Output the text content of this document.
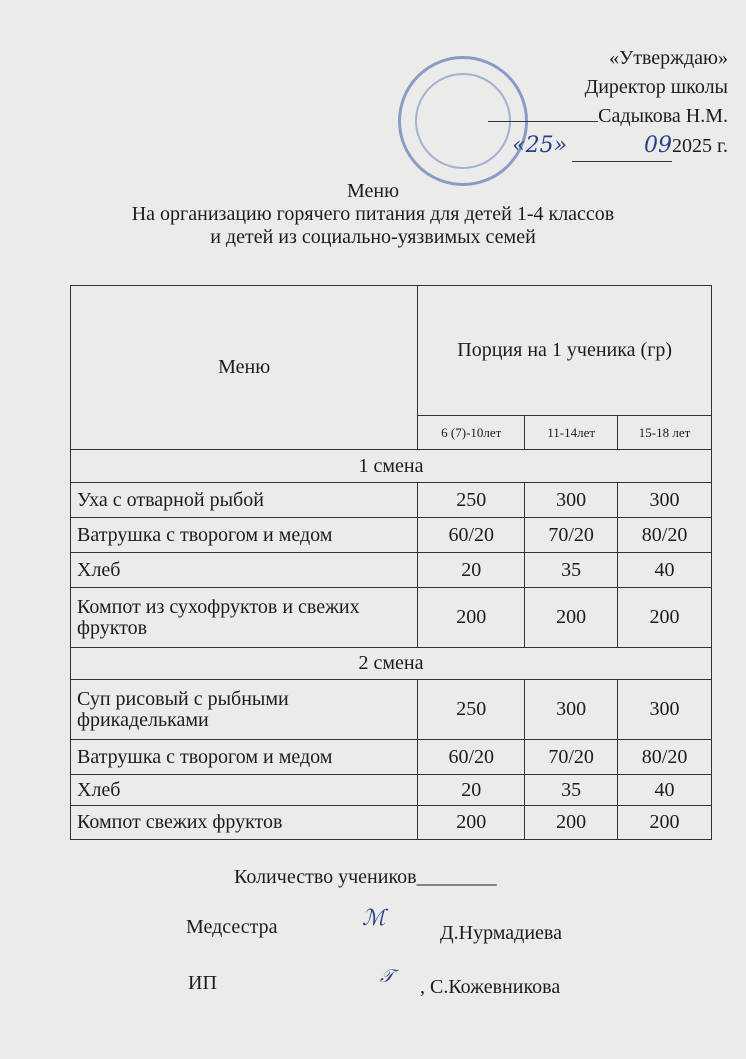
«Утверждаю»
Директор школы
Садыкова Н.М.
«25»	092025 г.
Меню
На организацию горячего питания для детей 1-4 классов
и детей из социально-уязвимых семей
Меню	Порция на 1 ученика (гр)		
	6 (7)-10лет	11-14лет	15-18 лет
1 смена			
Уха с отварной рыбой	250	300	300
Ватрушка с творогом и медом	60/20	70/20	80/20
Хлеб	20	35	40
Компот из сухофруктов и свежих фруктов	200	200	200
2 смена			
Суп рисовый с рыбными фрикадельками	250	300	300
Ватрушка с творогом и медом	60/20	70/20	80/20
Хлеб	20	35	40
Компот свежих фруктов	200	200	200
Количество учеников________
Медсестра	ℳ
Д.Нурмадиева
ИП	𝒯 , С.Кожевникова
